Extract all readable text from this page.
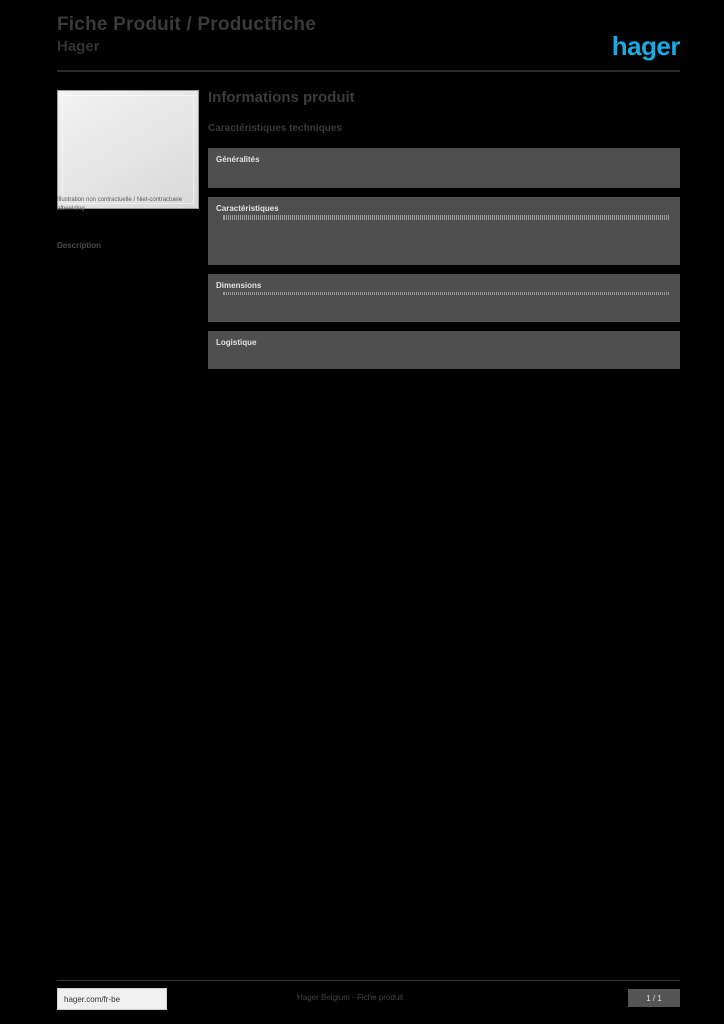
Fiche Produit / Productfiche
Hager	hager
Illustration non contractuelle / Niet-contractuele afbeelding
Description
Informations produit
Caractéristiques techniques
Généralités
Caractéristiques
Dimensions
Logistique
hager.com/fr-be	Hager Belgium - Fiche produit	1 / 1
